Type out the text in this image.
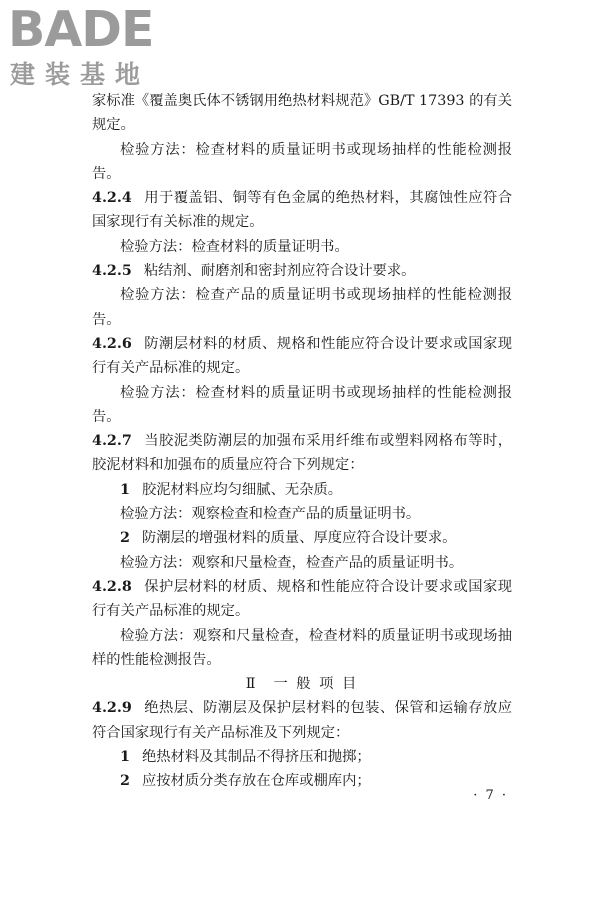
BADE
建装基地

家标准《覆盖奥氏体不锈钢用绝热材料规范》GB/T 17393 的有关规定。

检验方法：检查材料的质量证明书或现场抽样的性能检测报告。

4.2.4 用于覆盖铝、铜等有色金属的绝热材料，其腐蚀性应符合国家现行有关标准的规定。

检验方法：检查材料的质量证明书。

4.2.5 粘结剂、耐磨剂和密封剂应符合设计要求。

检验方法：检查产品的质量证明书或现场抽样的性能检测报告。

4.2.6 防潮层材料的材质、规格和性能应符合设计要求或国家现行有关产品标准的规定。

检验方法：检查材料的质量证明书或现场抽样的性能检测报告。

4.2.7 当胶泥类防潮层的加强布采用纤维布或塑料网格布等时，胶泥材料和加强布的质量应符合下列规定：

1 胶泥材料应均匀细腻、无杂质。

检验方法：观察检查和检查产品的质量证明书。

2 防潮层的增强材料的质量、厚度应符合设计要求。

检验方法：观察和尺量检查，检查产品的质量证明书。

4.2.8 保护层材料的材质、规格和性能应符合设计要求或国家现行有关产品标准的规定。

检验方法：观察和尺量检查，检查材料的质量证明书或现场抽样的性能检测报告。

Ⅱ 一 般 项 目

4.2.9 绝热层、防潮层及保护层材料的包装、保管和运输存放应符合国家现行有关产品标准及下列规定：

1 绝热材料及其制品不得挤压和抛掷；

2 应按材质分类存放在仓库或棚库内；

· 7 ·
